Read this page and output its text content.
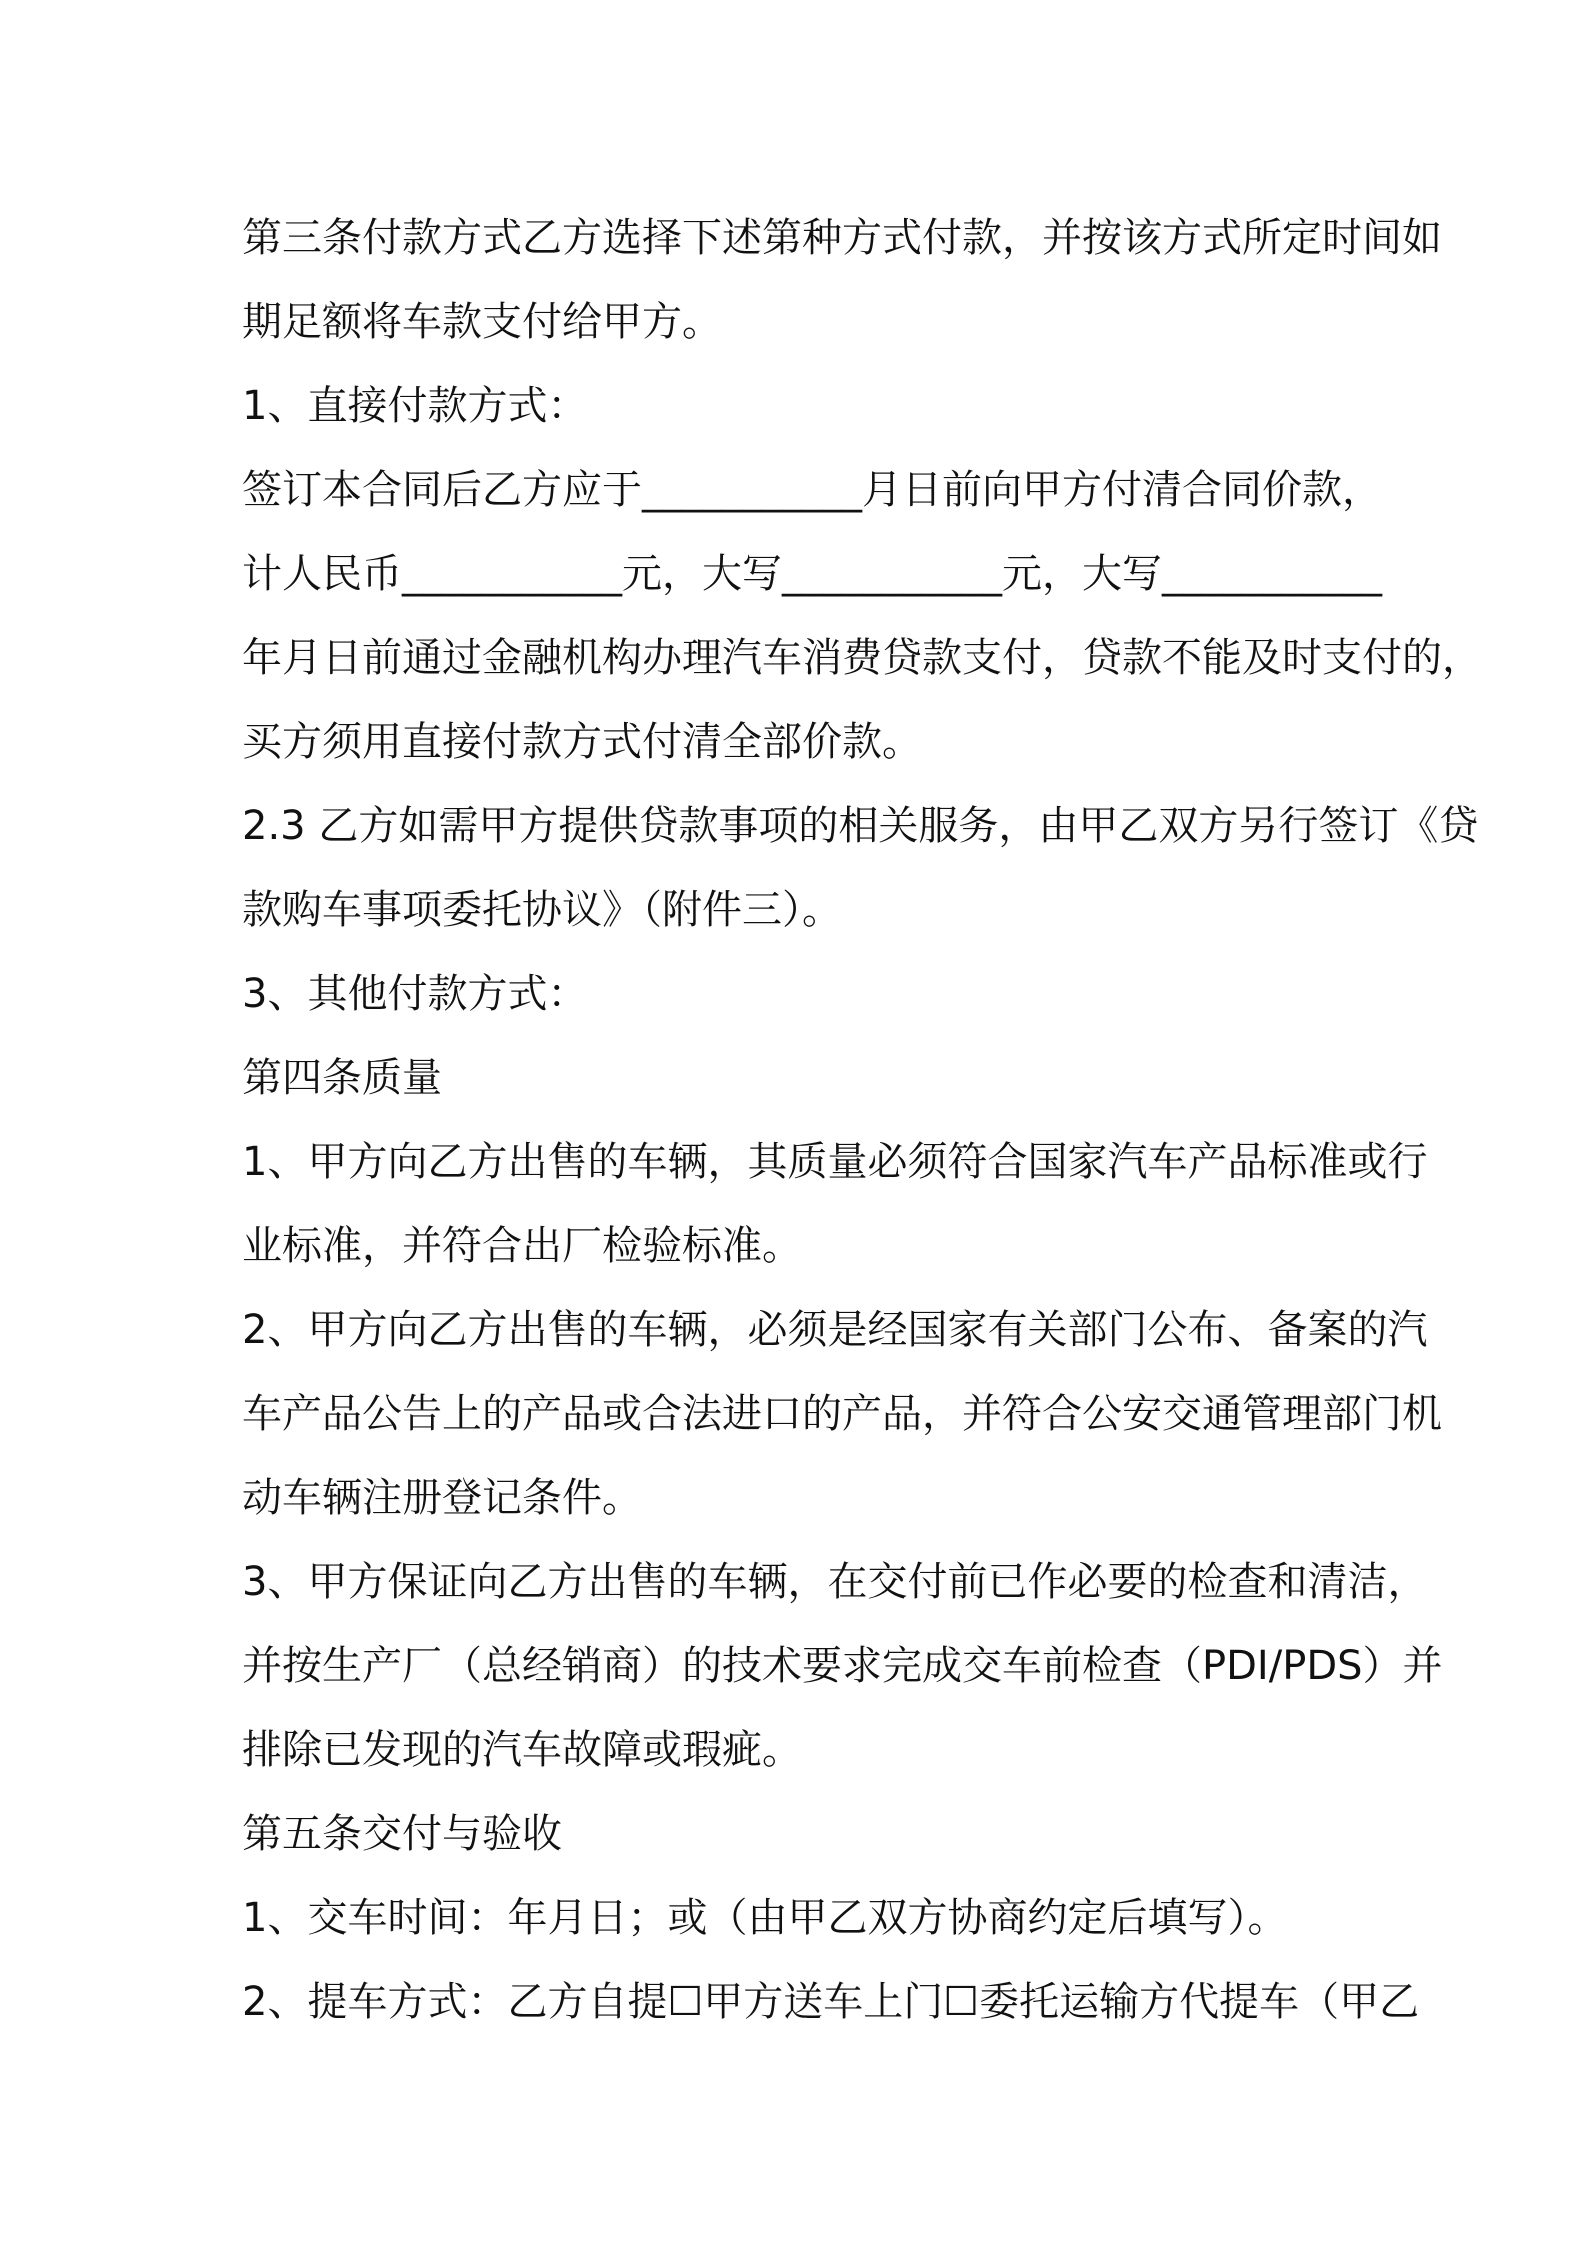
第三条付款方式乙方选择下述第种方式付款，并按该方式所定时间如
期足额将车款支付给甲方。
1、直接付款方式：
签订本合同后乙方应于___________月日前向甲方付清合同价款，
计人民币___________元，大写___________元，大写___________
年月日前通过金融机构办理汽车消费贷款支付，贷款不能及时支付的，
买方须用直接付款方式付清全部价款。
2.3 乙方如需甲方提供贷款事项的相关服务，由甲乙双方另行签订《贷
款购车事项委托协议》（附件三）。
3、其他付款方式：
第四条质量
1、甲方向乙方出售的车辆，其质量必须符合国家汽车产品标准或行
业标准，并符合出厂检验标准。
2、甲方向乙方出售的车辆，必须是经国家有关部门公布、备案的汽
车产品公告上的产品或合法进口的产品，并符合公安交通管理部门机
动车辆注册登记条件。
3、甲方保证向乙方出售的车辆，在交付前已作必要的检查和清洁，
并按生产厂（总经销商）的技术要求完成交车前检查（PDI/PDS）并
排除已发现的汽车故障或瑕疵。
第五条交付与验收
1、交车时间：年月日；或（由甲乙双方协商约定后填写）。
2、提车方式：乙方自提☐甲方送车上门☐委托运输方代提车（甲乙
